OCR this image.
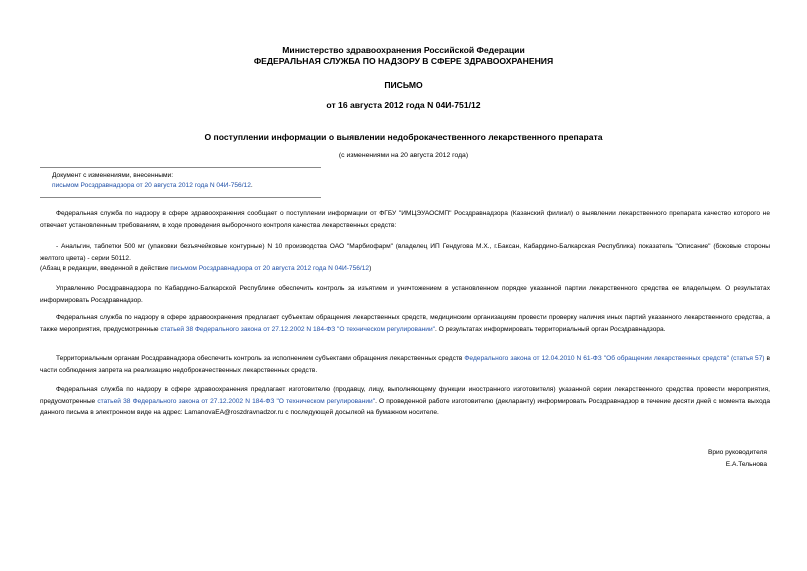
Министерство здравоохранения Российской Федерации
ФЕДЕРАЛЬНАЯ СЛУЖБА ПО НАДЗОРУ В СФЕРЕ ЗДРАВООХРАНЕНИЯ
ПИСЬМО
от 16 августа 2012 года N 04И-751/12
О поступлении информации о выявлении недоброкачественного лекарственного препарата
(с изменениями на 20 августа 2012 года)
Документ с изменениями, внесенными:
письмом Росздравнадзора от 20 августа 2012 года N 04И-756/12.
Федеральная служба по надзору в сфере здравоохранения сообщает о поступлении информации от ФГБУ "ИМЦЭУАОСМП" Росздравнадзора (Казанский филиал) о выявлении лекарственного препарата качество которого не отвечает установленным требованиям, в ходе проведения выборочного контроля качества лекарственных средств:
- Анальгин, таблетки 500 мг (упаковки безъячейковые контурные) N 10 производства ОАО "Марбиофарм" (владелец ИП Гендугова М.Х., г.Баксан, Кабардино-Балкарская Республика) показатель "Описание" (боковые стороны желтого цвета) - серии 50112.
(Абзац в редакции, введенной в действие письмом Росздравнадзора от 20 августа 2012 года N 04И-756/12)
Управлению Росздравнадзора по Кабардино-Балкарской Республике обеспечить контроль за изъятием и уничтожением в установленном порядке указанной партии лекарственного средства ее владельцем. О результатах информировать Росздравнадзор.
Федеральная служба по надзору в сфере здравоохранения предлагает субъектам обращения лекарственных средств, медицинским организациям провести проверку наличия иных партий указанного лекарственного средства, а также мероприятия, предусмотренные статьей 38 Федерального закона от 27.12.2002 N 184-ФЗ "О техническом регулировании". О результатах информировать территориальный орган Росздравнадзора.
Территориальным органам Росздравнадзора обеспечить контроль за исполнением субъектами обращения лекарственных средств Федерального закона от 12.04.2010 N 61-ФЗ "Об обращении лекарственных средств" (статья 57) в части соблюдения запрета на реализацию недоброкачественных лекарственных средств.
Федеральная служба по надзору в сфере здравоохранения предлагает изготовителю (продавцу, лицу, выполняющему функции иностранного изготовителя) указанной серии лекарственного средства провести мероприятия, предусмотренные статьей 38 Федерального закона от 27.12.2002 N 184-ФЗ "О техническом регулировании". О проведенной работе изготовителю (декларанту) информировать Росздравнадзор в течение десяти дней с момента выхода данного письма в электронном виде на адрес: LamanovaEA@roszdravnadzor.ru с последующей досылкой на бумажном носителе.
Врио руководителя
Е.А.Тельнова
